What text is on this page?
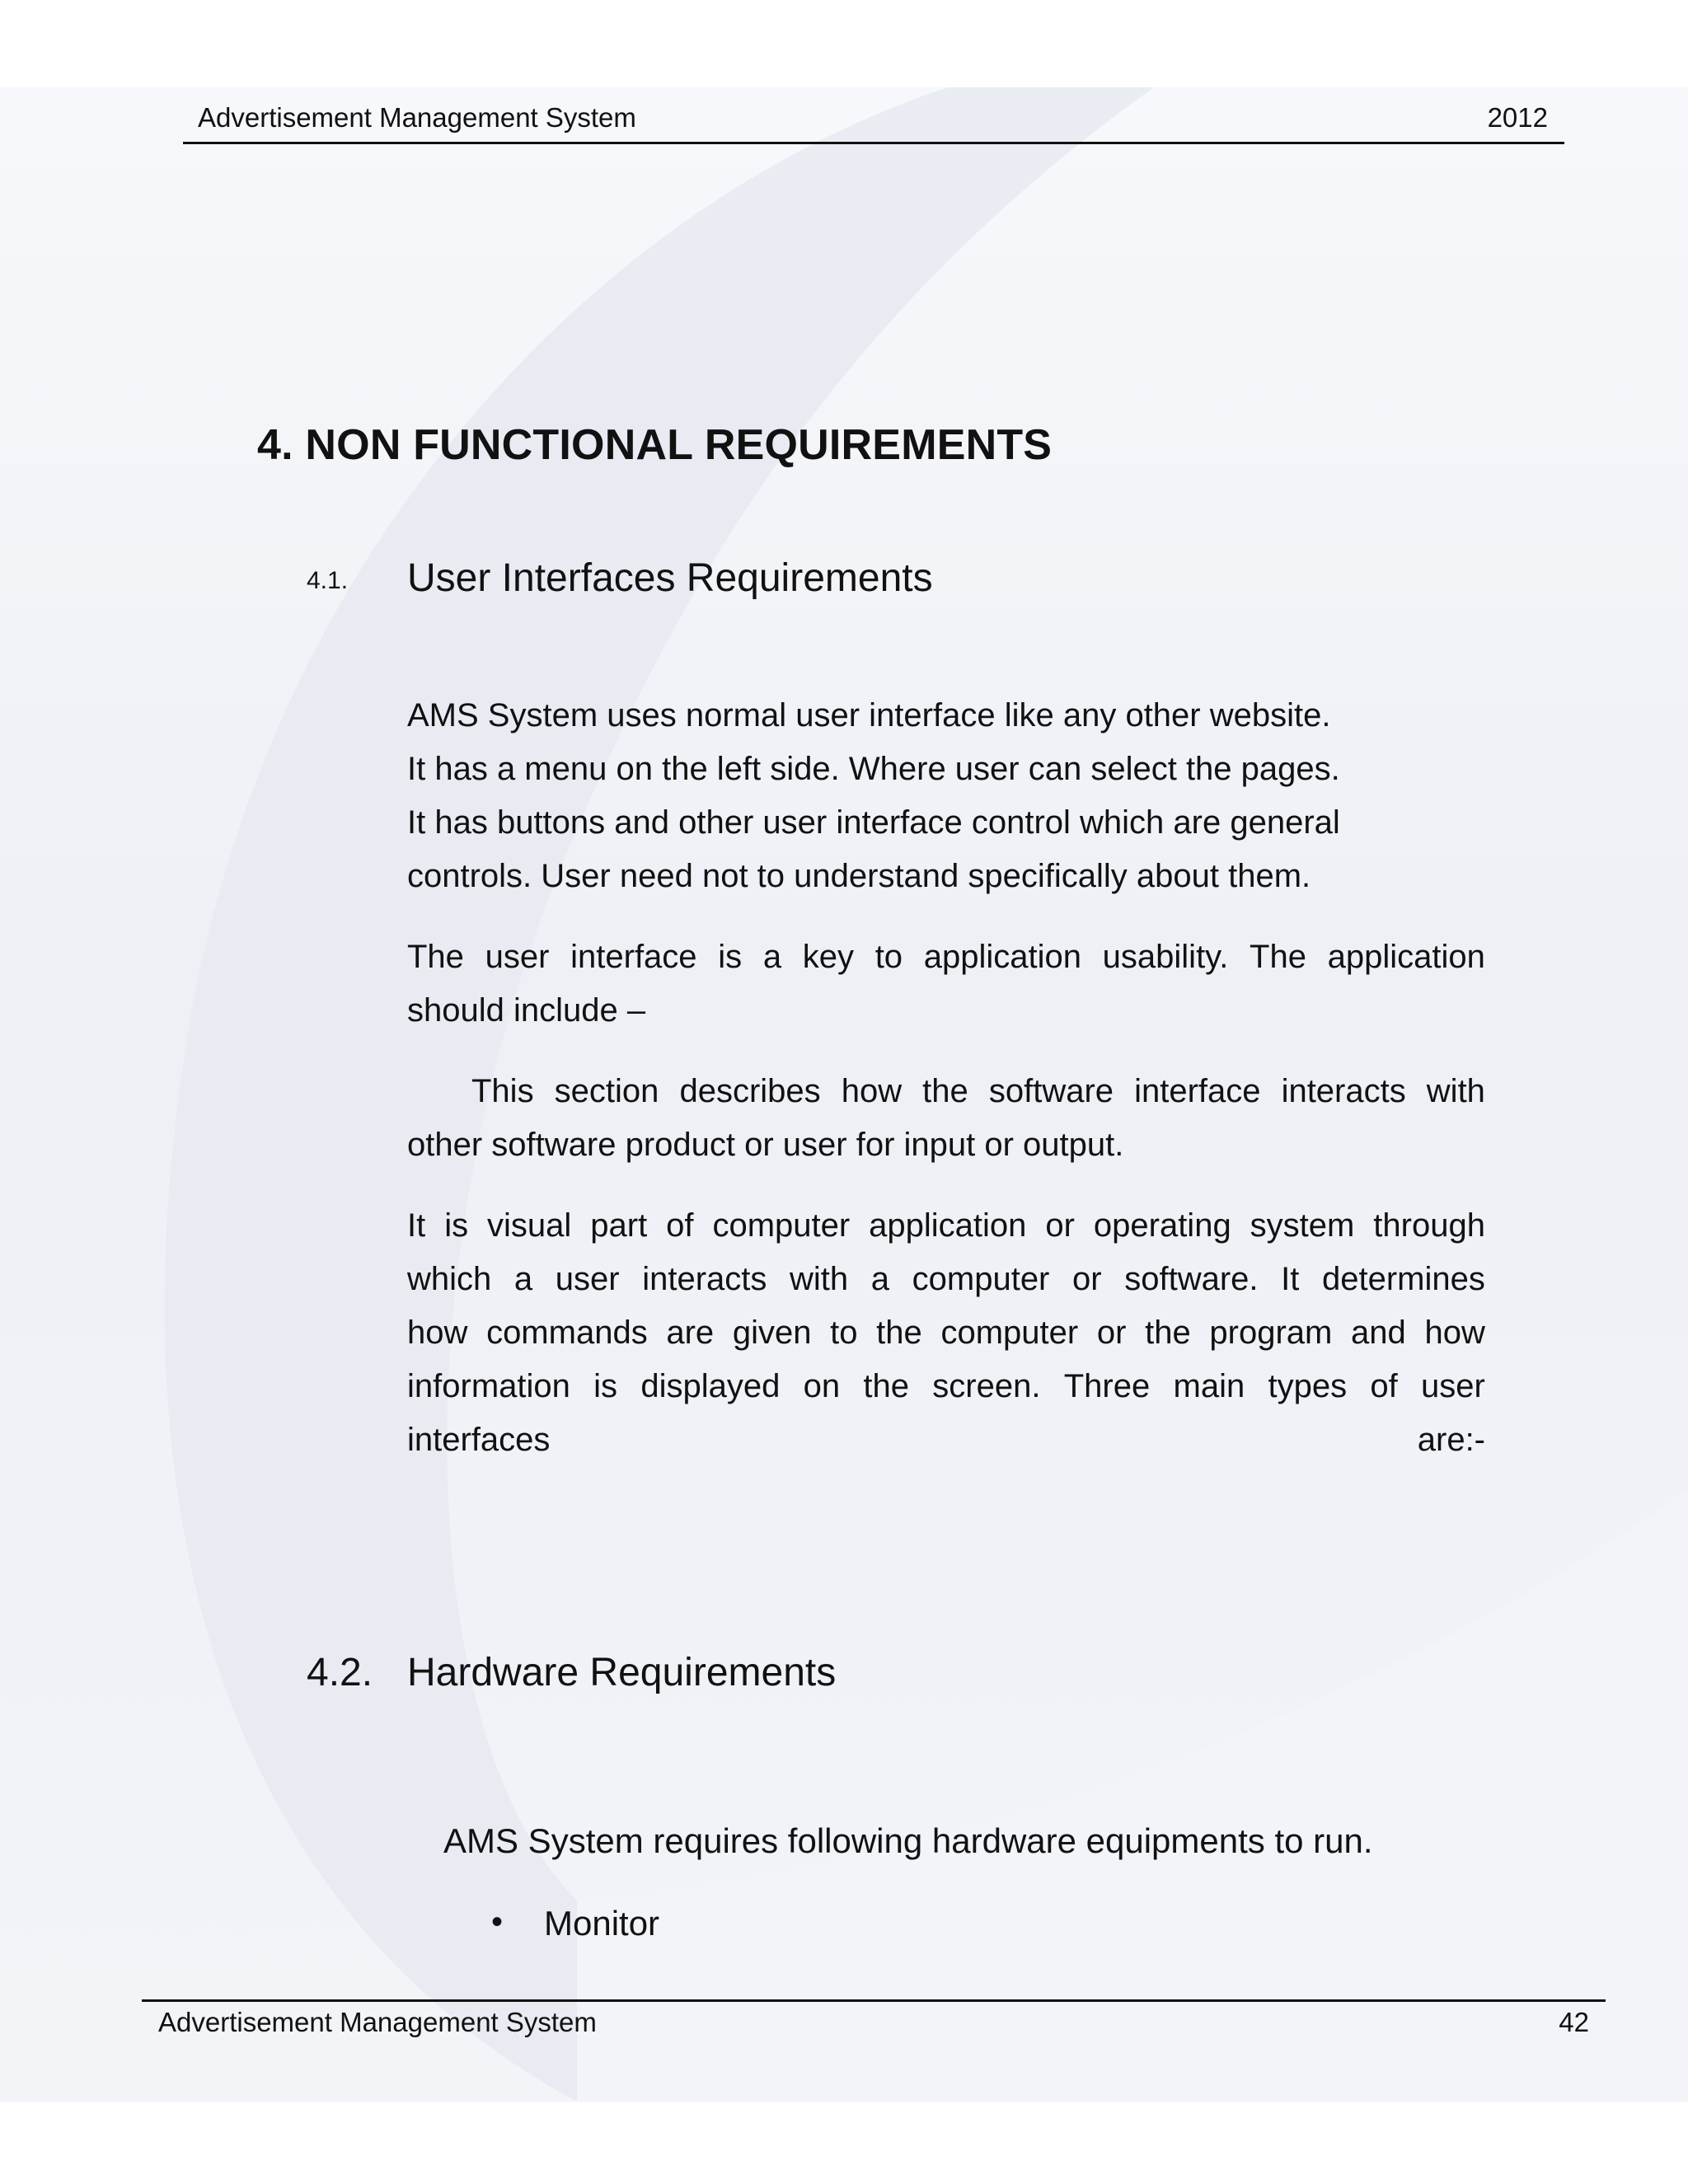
Advertisement Management System	2012
4. NON FUNCTIONAL REQUIREMENTS
4.1. User Interfaces Requirements
AMS System uses normal user interface like any other website.
It has a menu on the left side. Where user can select the pages.
It has buttons and other user interface control which are general
controls. User need not to understand specifically about them.
The user interface is a key to application usability. The application
should include –
This section describes how the software interface interacts with
other software product or user for input or output.
It is visual part of computer application or operating system through
which a user interacts with a computer or software. It determines
how commands are given to the computer or the program and how
information is displayed on the screen. Three main types of user
interfaces	are:-
4.2. Hardware Requirements
AMS System requires following hardware equipments to run.
• Monitor
Advertisement Management System	42
